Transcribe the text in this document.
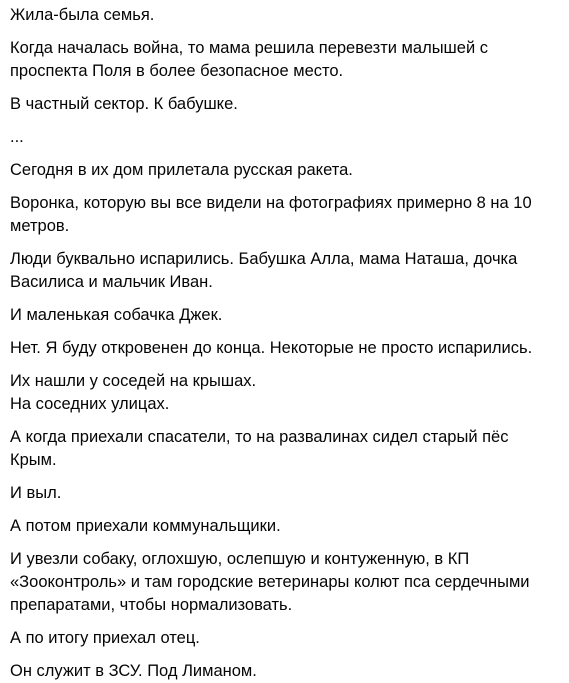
Жила-была семья.

Когда началась война, то мама решила перевезти малышей с
проспекта Поля в более безопасное место.

В частный сектор. К бабушке.

...

Сегодня в их дом прилетала русская ракета.

Воронка, которую вы все видели на фотографиях примерно 8 на 10
метров.

Люди буквально испарились. Бабушка Алла, мама Наташа, дочка
Василиса и мальчик Иван.

И маленькая собачка Джек.

Нет. Я буду откровенен до конца. Некоторые не просто испарились.

Их нашли у соседей на крышах.
На соседних улицах.

А когда приехали спасатели, то на развалинах сидел старый пёс
Крым.

И выл.

А потом приехали коммунальщики.

И увезли собаку, оглохшую, ослепшую и контуженную, в КП
«Зооконтроль» и там городские ветеринары колют пса сердечными
препаратами, чтобы нормализовать.

А по итогу приехал отец.

Он служит в ЗСУ. Под Лиманом.
